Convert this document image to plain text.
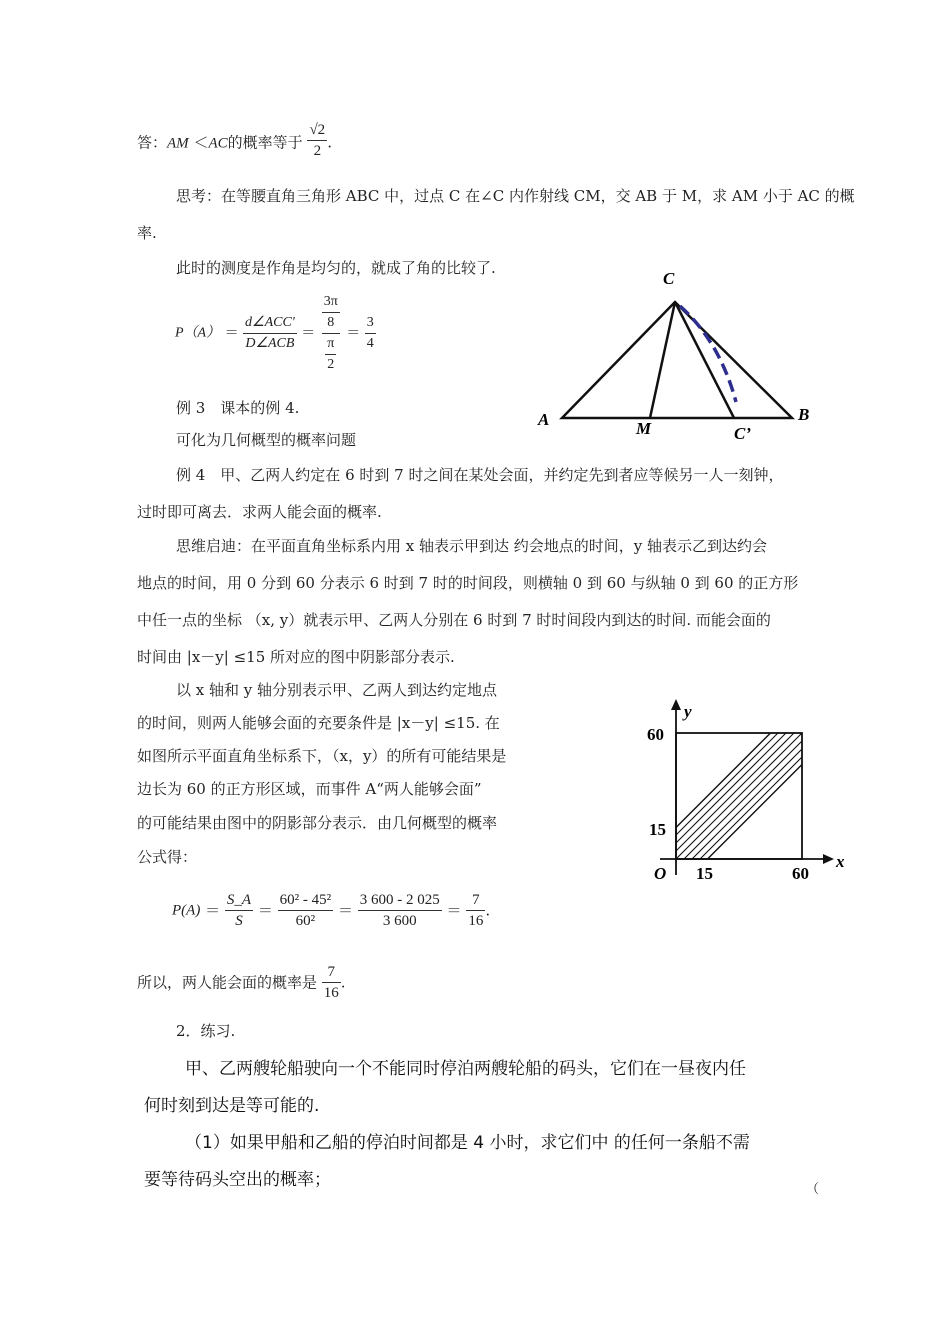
答：AM ＜AC的概率等于 $\frac{√2}{2}$ .
思考：在等腰直角三角形 ABC 中，过点 C 在∠C 内作射线 CM，交 AB 于 M，求 AM 小于 AC 的概
率.
此时的测度是作角是均匀的，就成了角的比较了.
$P(A) = \frac{\text{d∠ACC'}}{\text{D∠ACB}} = \frac{3\pi}{8}$
$\frac{\pi}{2}$
＝ $\frac{3}{4}$
C
A	B
M	C’
例 3　课本的例 4.
可化为几何概型的概率问题
例 4　甲、乙两人约定在 6 时到 7 时之间在某处会面，并约定先到者应等候另一人一刻钟，
过时即可离去．求两人能会面的概率.
思维启迪：在平面直角坐标系内用 x 轴表示甲到达 约会地点的时间，y 轴表示乙到达约会
地点的时间，用 0 分到 60 分表示 6 时到 7 时的时间段，则横轴 0 到 60 与纵轴 0 到 60 的正方形
中任一点的坐标 （x, y）就表示甲、乙两人分别在 6 时到 7 时时间段内到达的时间. 而能会面的
时间由 |x－y| ≤15 所对应的图中阴影部分表示.
以 x 轴和 y 轴分别表示甲、乙两人到达约定地点
的时间，则两人能够会面的充要条件是 |x－y| ≤15. 在
如图所示平面直角坐标系下，（x，y）的所有可能结果是
边长为 60 的正方形区域，而事件 A“两人能够会面”
的可能结果由图中的阴影部分表示．由几何概型的概率
公式得：
y
x
O
60
15
15	60
$P(A) = \frac{S\_A}{S} = \frac{\text{60² - 45²}}{\text{60²}} = \frac{3 600 - 2 025}{3 600} = \frac{7}{16}$ .
所以，两人能会面的概率是 $\frac{7}{16}$ .
2．练习.
甲、乙两艘轮船驶向一个不能同时停泊两艘轮船的码头，它们在一昼夜内任
何时刻到达是等可能的.
（1）如果甲船和乙船的停泊时间都是 4 小时，求它们中 的任何一条船不需
要等待码头空出的概率；	（
